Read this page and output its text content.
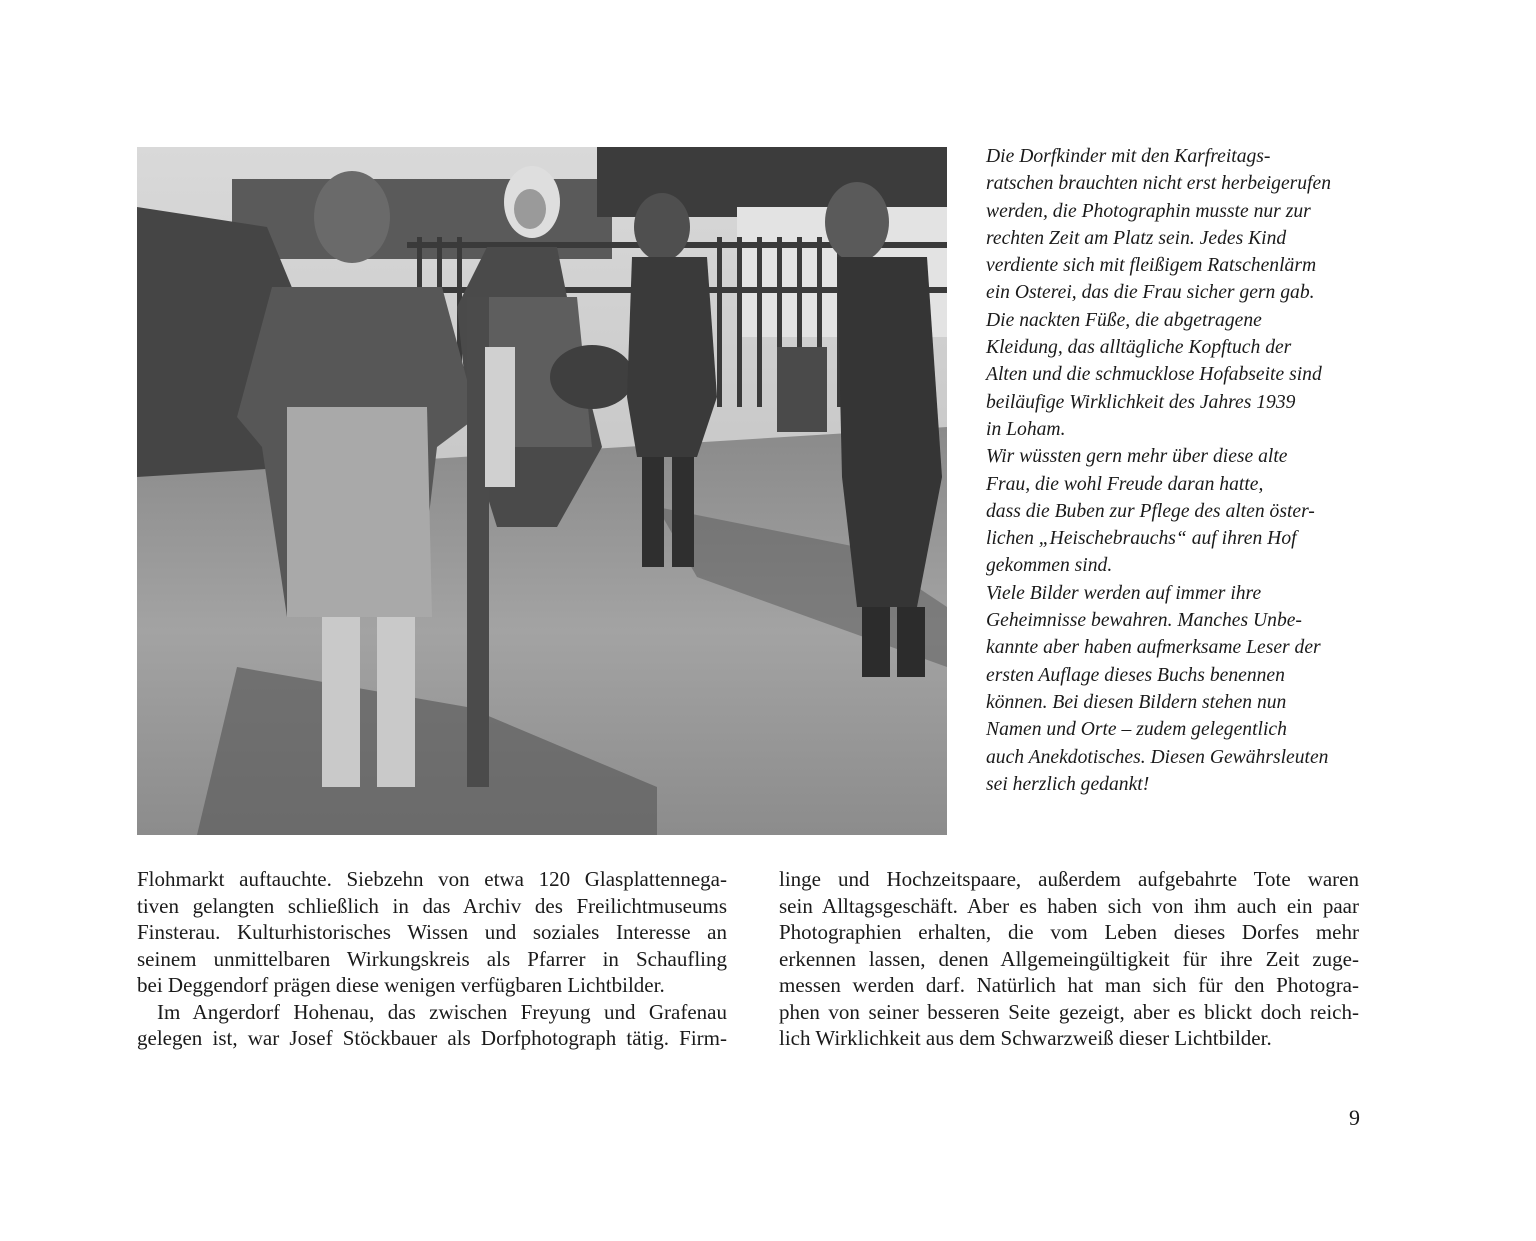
Die Dorfkinder mit den Karfreitags-
ratschen brauchten nicht erst herbeigerufen
werden, die Photographin musste nur zur
rechten Zeit am Platz sein. Jedes Kind
verdiente sich mit fleißigem Ratschenlärm
ein Osterei, das die Frau sicher gern gab.
Die nackten Füße, die abgetragene
Kleidung, das alltägliche Kopftuch der
Alten und die schmucklose Hofabseite sind
beiläufige Wirklichkeit des Jahres 1939
in Loham.
Wir wüssten gern mehr über diese alte
Frau, die wohl Freude daran hatte,
dass die Buben zur Pflege des alten öster-
lichen „Heischebrauchs“ auf ihren Hof
gekommen sind.
Viele Bilder werden auf immer ihre
Geheimnisse bewahren. Manches Unbe-
kannte aber haben aufmerksame Leser der
ersten Auflage dieses Buchs benennen
können. Bei diesen Bildern stehen nun
Namen und Orte – zudem gelegentlich
auch Anekdotisches. Diesen Gewährsleuten
sei herzlich gedankt!
Flohmarkt auftauchte. Siebzehn von etwa 120 Glasplattennega-
tiven gelangten schließlich in das Archiv des Freilichtmuseums
Finsterau. Kulturhistorisches Wissen und soziales Interesse an
seinem unmittelbaren Wirkungskreis als Pfarrer in Schaufling
bei Deggendorf prägen diese wenigen verfügbaren Lichtbilder.
Im Angerdorf Hohenau, das zwischen Freyung und Grafenau
gelegen ist, war Josef Stöckbauer als Dorfphotograph tätig. Firm-
linge und Hochzeitspaare, außerdem aufgebahrte Tote waren
sein Alltagsgeschäft. Aber es haben sich von ihm auch ein paar
Photographien erhalten, die vom Leben dieses Dorfes mehr
erkennen lassen, denen Allgemeingültigkeit für ihre Zeit zuge-
messen werden darf. Natürlich hat man sich für den Photogra-
phen von seiner besseren Seite gezeigt, aber es blickt doch reich-
lich Wirklichkeit aus dem Schwarzweiß dieser Lichtbilder.
9
